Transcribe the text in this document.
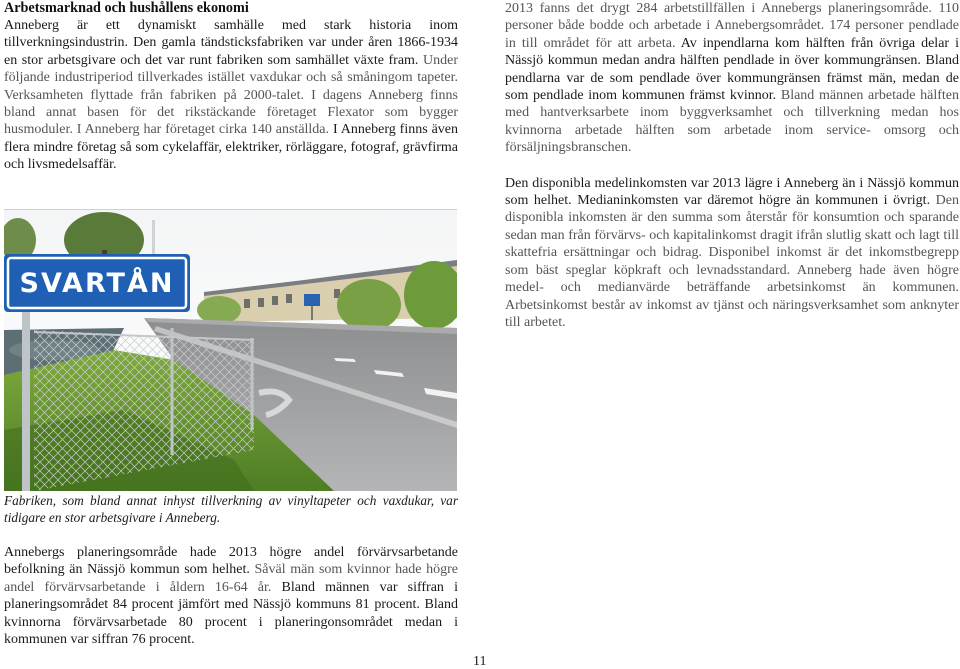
Arbetsmarknad och hushållens ekonomi

Anneberg är ett dynamiskt samhälle med stark historia inom tillverkningsindustrin. Den gamla tändsticksfabriken var under åren 1866-1934 en stor arbetsgivare och det var runt fabriken som samhället växte fram. Under följande industriperiod tillverkades istället vaxdukar och så småningom tapeter. Verksamheten flyttade från fabriken på 2000-talet. I dagens Anneberg finns bland annat basen för det rikstäckande företaget Flexator som bygger husmoduler. I Anneberg har företaget cirka 140 anställda. I Anneberg finns även flera mindre företag så som cykelaffär, elektriker, rörläggare, fotograf, grävfirma och livsmedelsaffär.

SVARTÅN

Fabriken, som bland annat inhyst tillverkning av vinyltapeter och vaxdukar, var tidigare en stor arbetsgivare i Anneberg.

Annebergs planeringsområde hade 2013 högre andel förvärvsarbetande befolkning än Nässjö kommun som helhet. Såväl män som kvinnor hade högre andel förvärvsarbetande i åldern 16-64 år. Bland männen var siffran i planeringsområdet 84 procent jämfört med Nässjö kommuns 81 procent. Bland kvinnorna förvärvsarbetade 80 procent i planeringonsområdet medan i kommunen var siffran 76 procent.

2013 fanns det drygt 284 arbetstillfällen i Annebergs planeringsområde. 110 personer både bodde och arbetade i Annebergsområdet. 174 personer pendlade in till området för att arbeta. Av inpendlarna kom hälften från övriga delar i Nässjö kommun medan andra hälften pendlade in över kommungränsen. Bland pendlarna var de som pendlade över kommungränsen främst män, medan de som pendlade inom kommunen främst kvinnor. Bland männen arbetade hälften med hantverksarbete inom byggverksamhet och tillverkning medan hos kvinnorna arbetade hälften som arbetade inom service- omsorg och försäljningsbranschen.

Den disponibla medelinkomsten var 2013 lägre i Anneberg än i Nässjö kommun som helhet. Medianinkomsten var däremot högre än kommunen i övrigt. Den disponibla inkomsten är den summa som återstår för konsumtion och sparande sedan man från förvärvs- och kapitalinkomst dragit ifrån slutlig skatt och lagt till skattefria ersättningar och bidrag. Disponibel inkomst är det inkomstbegrepp som bäst speglar köpkraft och levnadsstandard. Anneberg hade även högre medel- och medianvärde beträffande arbetsinkomst än kommunen. Arbetsinkomst består av inkomst av tjänst och näringsverksamhet som anknyter till arbetet.

11
